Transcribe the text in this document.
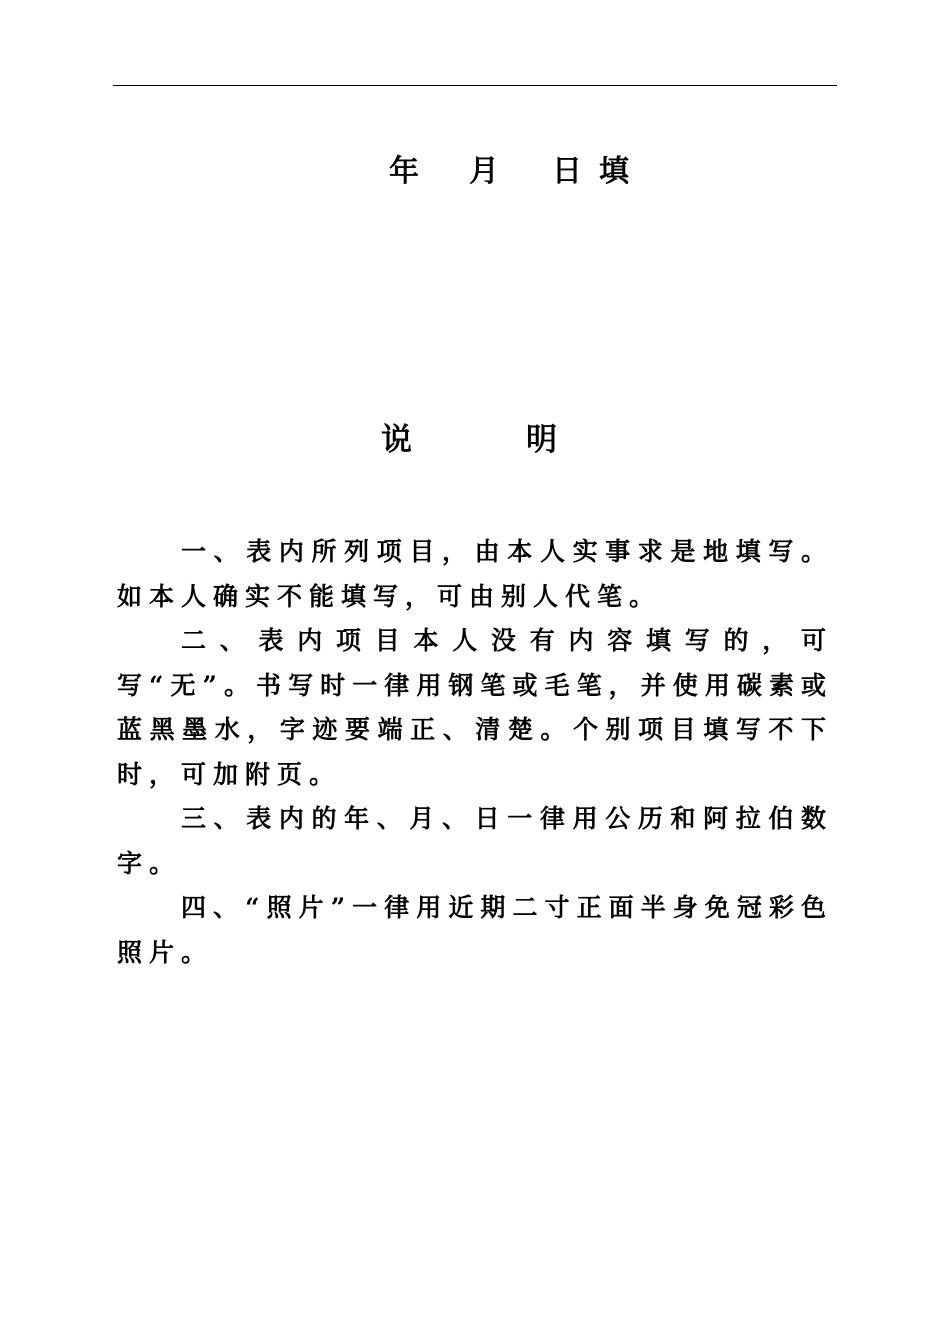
年 月 日 填
说	明

一、表内所列项目，由本人实事求是地填写。如本人确实不能填写，可由别人代笔。

二、表内项目本人没有内容填写的，可写“无”。书写时一律用钢笔或毛笔，并使用碳素或蓝黑墨水，字迹要端正、清楚。个别项目填写不下时，可加附页。

三、表内的年、月、日一律用公历和阿拉伯数字。

四、“照片”一律用近期二寸正面半身免冠彩色照片。
